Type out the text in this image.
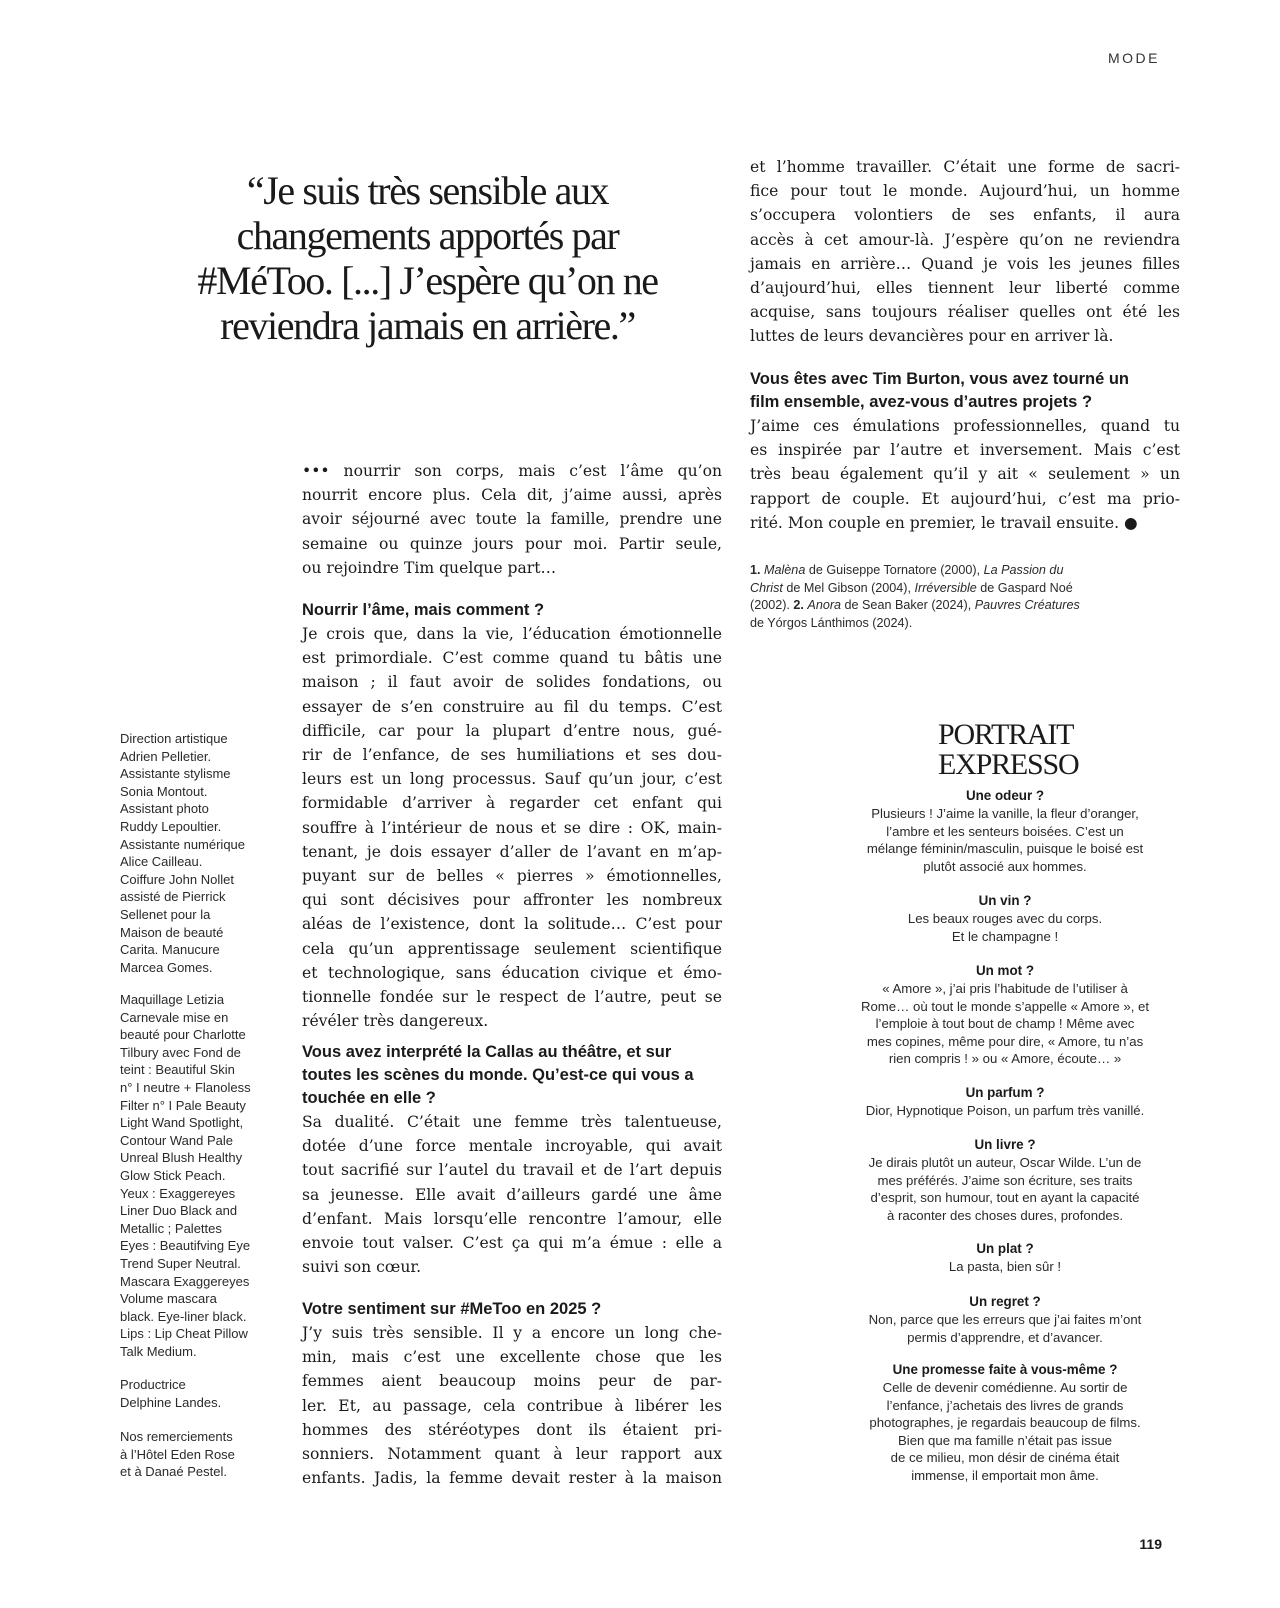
MODE
“Je suis très sensible aux
changements apportés par
#MéToo. [...] J’espère qu’on ne
reviendra jamais en arrière.”
••• nourrir son corps, mais c’est l’âme qu’on
nourrit encore plus. Cela dit, j’aime aussi, après
avoir séjourné avec toute la famille, prendre une
semaine ou quinze jours pour moi. Partir seule,
ou rejoindre Tim quelque part…
Nourrir l’âme, mais comment ?
Je crois que, dans la vie, l’éducation émotionnelle
est primordiale. C’est comme quand tu bâtis une
maison ; il faut avoir de solides fondations, ou
essayer de s’en construire au fil du temps. C’est
difficile, car pour la plupart d’entre nous, gué-
rir de l’enfance, de ses humiliations et ses dou-
leurs est un long processus. Sauf qu’un jour, c’est
formidable d’arriver à regarder cet enfant qui
souffre à l’intérieur de nous et se dire : OK, main-
tenant, je dois essayer d’aller de l’avant en m’ap-
puyant sur de belles « pierres » émotionnelles,
qui sont décisives pour affronter les nombreux
aléas de l’existence, dont la solitude… C’est pour
cela qu’un apprentissage seulement scientifique
et technologique, sans éducation civique et émo-
tionnelle fondée sur le respect de l’autre, peut se
révéler très dangereux.
Vous avez interprété la Callas au théâtre, et sur
toutes les scènes du monde. Qu’est-ce qui vous a
touchée en elle ?
Sa dualité. C’était une femme très talentueuse,
dotée d’une force mentale incroyable, qui avait
tout sacrifié sur l’autel du travail et de l’art depuis
sa jeunesse. Elle avait d’ailleurs gardé une âme
d’enfant. Mais lorsqu’elle rencontre l’amour, elle
envoie tout valser. C’est ça qui m’a émue : elle a
suivi son cœur.
Votre sentiment sur #MeToo en 2025 ?
J’y suis très sensible. Il y a encore un long che-
min, mais c’est une excellente chose que les
femmes aient beaucoup moins peur de par-
ler. Et, au passage, cela contribue à libérer les
hommes des stéréotypes dont ils étaient pri-
sonniers. Notamment quant à leur rapport aux
enfants. Jadis, la femme devait rester à la maison
et l’homme travailler. C’était une forme de sacri-
fice pour tout le monde. Aujourd’hui, un homme
s’occupera volontiers de ses enfants, il aura
accès à cet amour-là. J’espère qu’on ne reviendra
jamais en arrière… Quand je vois les jeunes filles
d’aujourd’hui, elles tiennent leur liberté comme
acquise, sans toujours réaliser quelles ont été les
luttes de leurs devancières pour en arriver là.
Vous êtes avec Tim Burton, vous avez tourné un
film ensemble, avez-vous d’autres projets ?
J’aime ces émulations professionnelles, quand tu
es inspirée par l’autre et inversement. Mais c’est
très beau également qu’il y ait « seulement » un
rapport de couple. Et aujourd’hui, c’est ma prio-
rité. Mon couple en premier, le travail ensuite. ●
1. Malèna de Guiseppe Tornatore (2000), La Passion du
Christ de Mel Gibson (2004), Irréversible de Gaspard Noé
(2002). 2. Anora de Sean Baker (2024), Pauvres Créatures
de Yórgos Lánthimos (2024).
Direction artistique
Adrien Pelletier.
Assistante stylisme
Sonia Montout.
Assistant photo
Ruddy Lepoultier.
Assistante numérique
Alice Cailleau.
Coiffure John Nollet
assisté de Pierrick
Sellenet pour la
Maison de beauté
Carita. Manucure
Marcea Gomes.
Maquillage Letizia
Carnevale mise en
beauté pour Charlotte
Tilbury avec Fond de
teint : Beautiful Skin
n° I neutre + Flanoless
Filter n° I Pale Beauty
Light Wand Spotlight,
Contour Wand Pale
Unreal Blush Healthy
Glow Stick Peach.
Yeux : Exaggereyes
Liner Duo Black and
Metallic ; Palettes
Eyes : Beautifving Eye
Trend Super Neutral.
Mascara Exaggereyes
Volume mascara
black. Eye-liner black.
Lips : Lip Cheat Pillow
Talk Medium.
Productrice
Delphine Landes.
Nos remerciements
à l’Hôtel Eden Rose
et à Danaé Pestel.
PORTRAIT
EXPRESSO
Une odeur ?
Plusieurs ! J’aime la vanille, la fleur d’oranger,
l’ambre et les senteurs boisées. C’est un
mélange féminin/masculin, puisque le boisé est
plutôt associé aux hommes.
Un vin ?
Les beaux rouges avec du corps.
Et le champagne !
Un mot ?
« Amore », j’ai pris l’habitude de l’utiliser à
Rome… où tout le monde s’appelle « Amore », et
l’emploie à tout bout de champ ! Même avec
mes copines, même pour dire, « Amore, tu n’as
rien compris ! » ou « Amore, écoute… »
Un parfum ?
Dior, Hypnotique Poison, un parfum très vanillé.
Un livre ?
Je dirais plutôt un auteur, Oscar Wilde. L’un de
mes préférés. J’aime son écriture, ses traits
d’esprit, son humour, tout en ayant la capacité
à raconter des choses dures, profondes.
Un plat ?
La pasta, bien sûr !
Un regret ?
Non, parce que les erreurs que j’ai faites m’ont
permis d’apprendre, et d’avancer.
Une promesse faite à vous-même ?
Celle de devenir comédienne. Au sortir de
l’enfance, j’achetais des livres de grands
photographes, je regardais beaucoup de films.
Bien que ma famille n’était pas issue
de ce milieu, mon désir de cinéma était
immense, il emportait mon âme.
119
